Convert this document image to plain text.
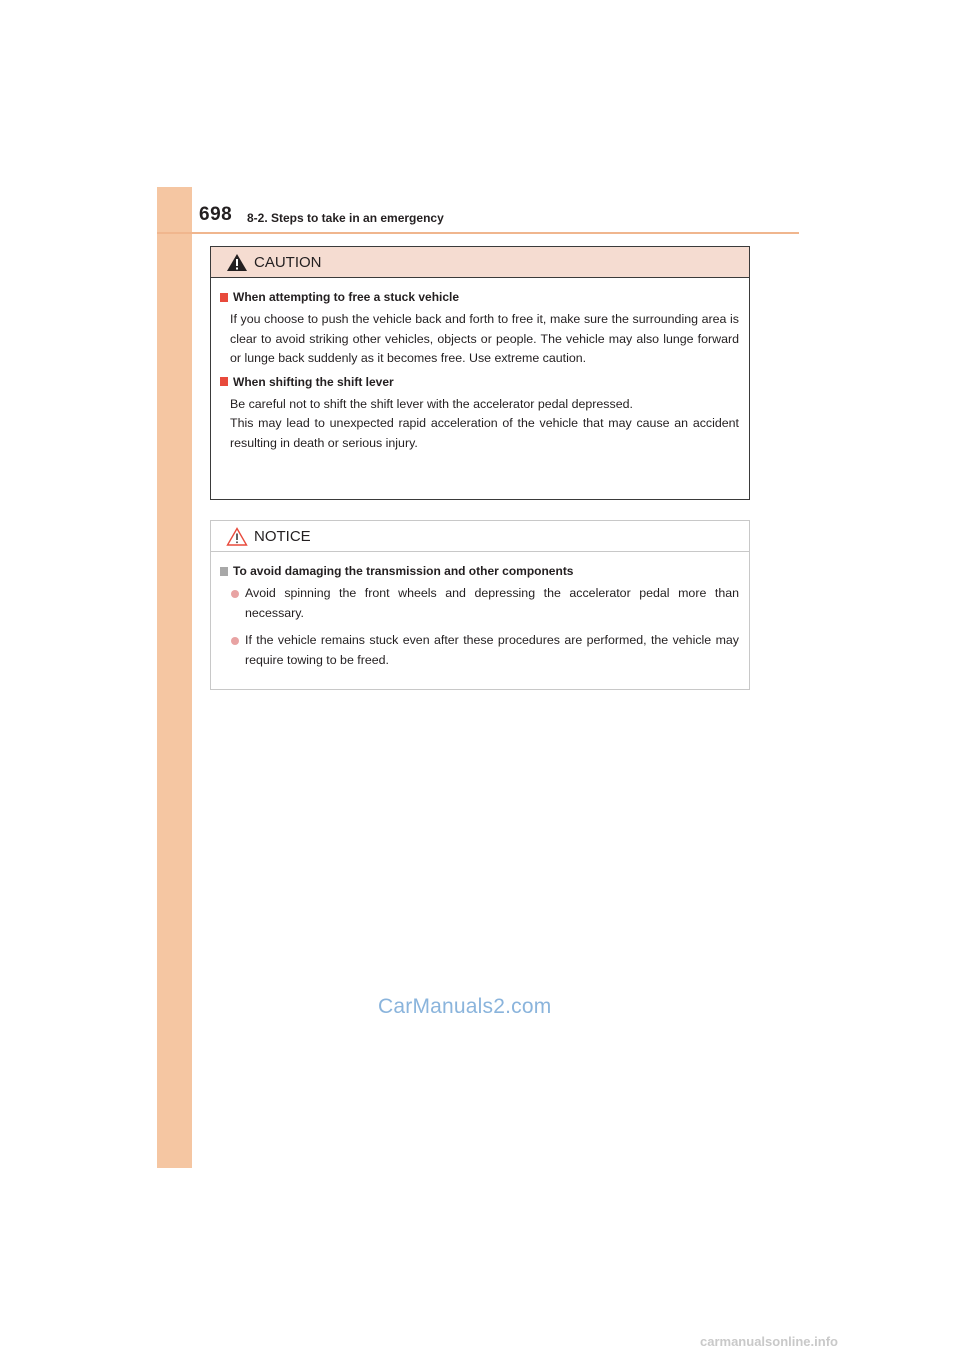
698 8-2. Steps to take in an emergency
CAUTION
When attempting to free a stuck vehicle

If you choose to push the vehicle back and forth to free it, make sure the surrounding area is clear to avoid striking other vehicles, objects or people. The vehicle may also lunge forward or lunge back suddenly as it becomes free. Use extreme caution.

When shifting the shift lever

Be careful not to shift the shift lever with the accelerator pedal depressed.

This may lead to unexpected rapid acceleration of the vehicle that may cause an accident resulting in death or serious injury.

NOTICE
To avoid damaging the transmission and other components
Avoid spinning the front wheels and depressing the accelerator pedal more than necessary.
If the vehicle remains stuck even after these procedures are performed, the vehicle may require towing to be freed.
CarManuals2.com
carmanualsonline.info
